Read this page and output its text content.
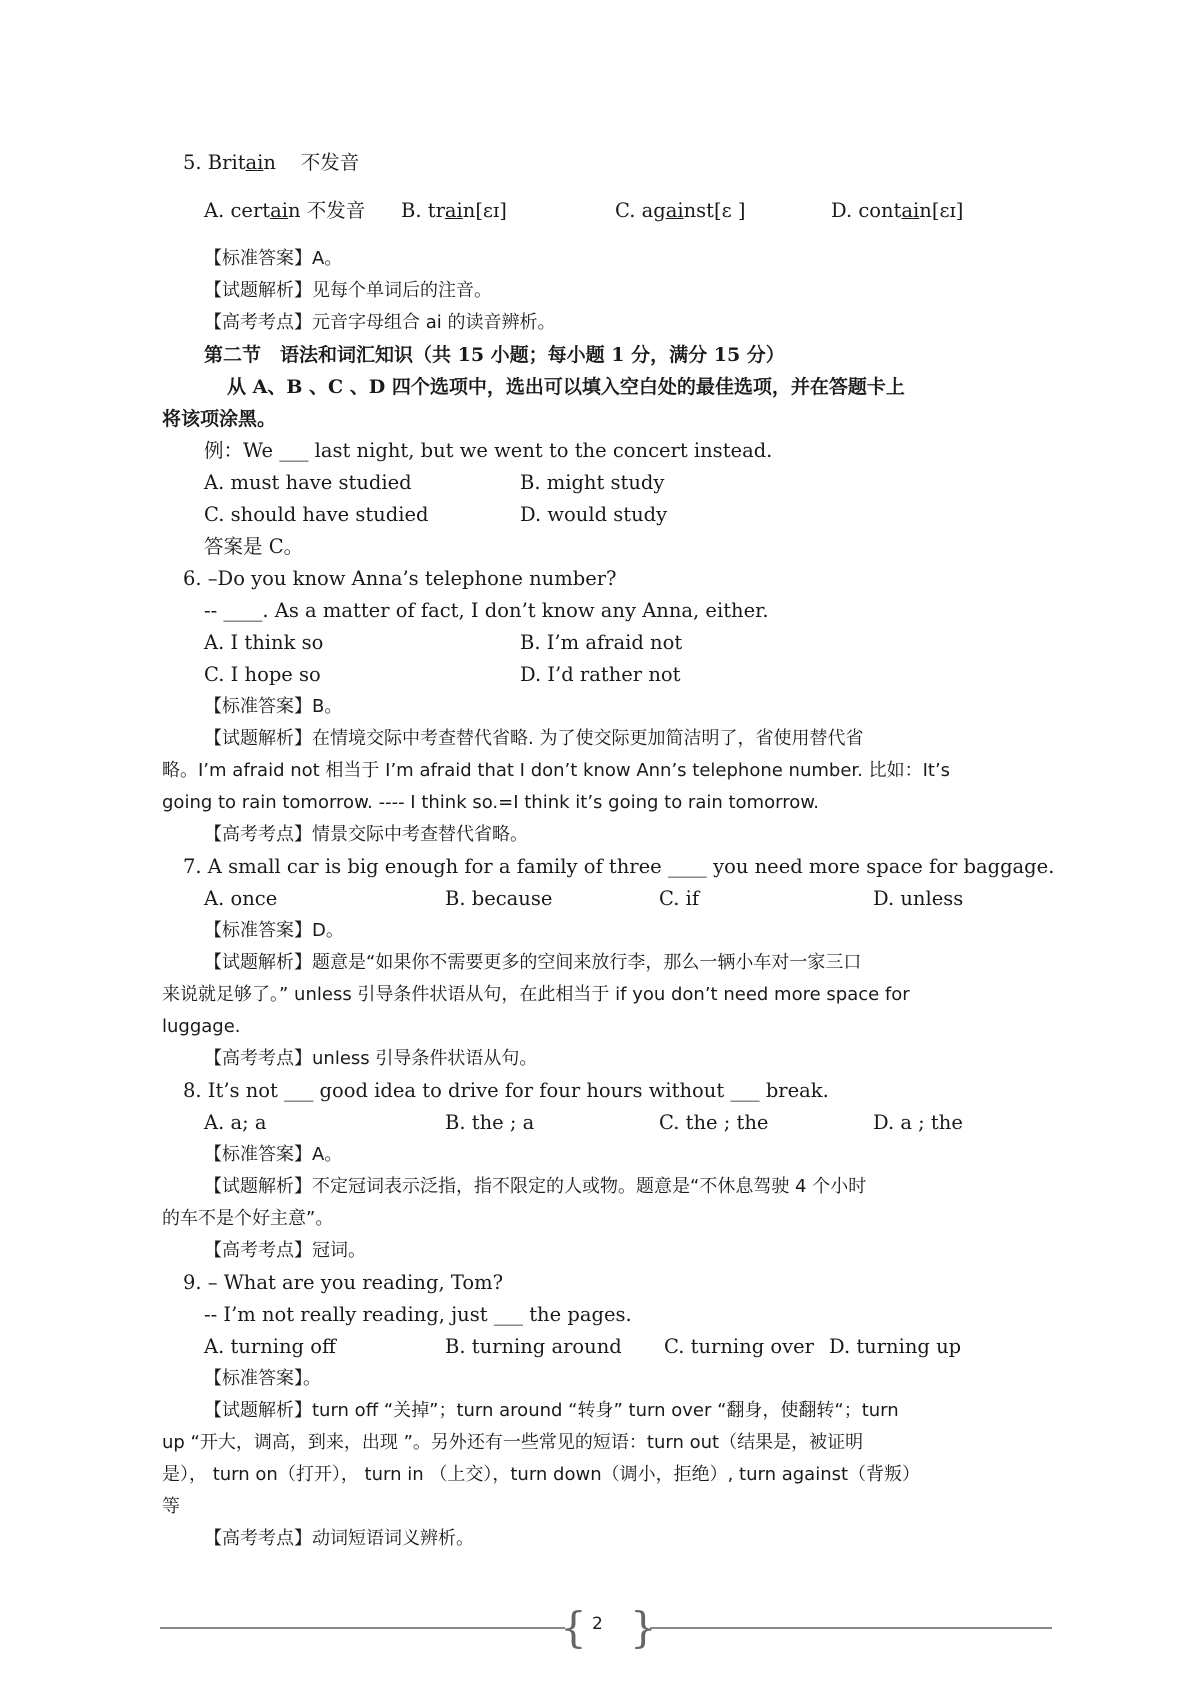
5. Britain 不发音
A. certain 不发音 B. train[ɛɪ]	C. against[ɛ ]	D. contain[ɛɪ]
【标准答案】A。
【试题解析】见每个单词后的注音。
【高考考点】元音字母组合 ai 的读音辨析。
第二节　语法和词汇知识（共 15 小题；每小题 1 分，满分 15 分）
从 A、B 、C 、D 四个选项中，选出可以填入空白处的最佳选项，并在答题卡上
将该项涂黑。
例：We ___ last night, but we went to the concert instead.
A. must have studied	B. might study
C. should have studied	D. would study
答案是 C。
6. –Do you know Anna’s telephone number?
-- ____. As a matter of fact, I don’t know any Anna, either.
A. I think so	B. I’m afraid not
C. I hope so	D. I’d rather not
【标准答案】B。
【试题解析】在情境交际中考查替代省略. 为了使交际更加简洁明了，省使用替代省
略。I’m afraid not 相当于 I’m afraid that I don’t know Ann’s telephone number. 比如：It’s
going to rain tomorrow. ---- I think so.=I think it’s going to rain tomorrow.
【高考考点】情景交际中考查替代省略。
7. A small car is big enough for a family of three ____ you need more space for baggage.
A. once	B. because	C. if	D. unless
【标准答案】D。
【试题解析】题意是“如果你不需要更多的空间来放行李，那么一辆小车对一家三口
来说就足够了。” unless 引导条件状语从句，在此相当于 if you don’t need more space for
luggage.
【高考考点】unless 引导条件状语从句。
8. It’s not ___ good idea to drive for four hours without ___ break.
A. a; a	B. the ; a	C. the ; the	D. a ; the
【标准答案】A。
【试题解析】不定冠词表示泛指，指不限定的人或物。题意是“不休息驾驶 4 个小时
的车不是个好主意”。
【高考考点】冠词。
9. – What are you reading, Tom?
-- I’m not really reading, just ___ the pages.
A. turning off	B. turning around C. turning over D. turning up
【标准答案】。
【试题解析】turn off “关掉”；turn around “转身” turn over “翻身，使翻转“；turn
up “开大，调高，到来，出现 ”。另外还有一些常见的短语：turn out（结果是，被证明
是）， turn on（打开）， turn in （上交），turn down（调小，拒绝）, turn against（背叛）
等
【高考考点】动词短语词义辨析。
{ 2 }
